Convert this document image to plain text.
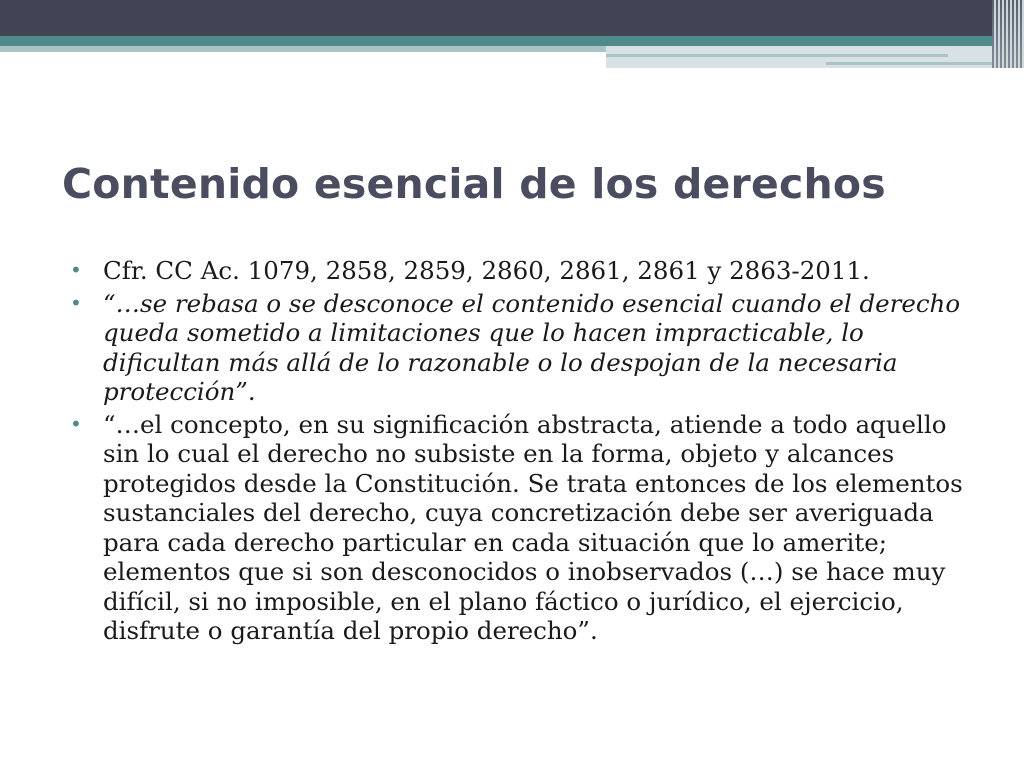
Contenido esencial de los derechos
• Cfr. CC Ac. 1079, 2858, 2859, 2860, 2861, 2861 y 2863-2011.
• “…se rebasa o se desconoce el contenido esencial cuando el derecho queda sometido a limitaciones que lo hacen impracticable, lo dificultan más allá de lo razonable o lo despojan de la necesaria protección”.
• “…el concepto, en su significación abstracta, atiende a todo aquello sin lo cual el derecho no subsiste en la forma, objeto y alcances protegidos desde la Constitución. Se trata entonces de los elementos sustanciales del derecho, cuya concretización debe ser averiguada para cada derecho particular en cada situación que lo amerite; elementos que si son desconocidos o inobservados (…) se hace muy difícil, si no imposible, en el plano fáctico o jurídico, el ejercicio, disfrute o garantía del propio derecho”.
